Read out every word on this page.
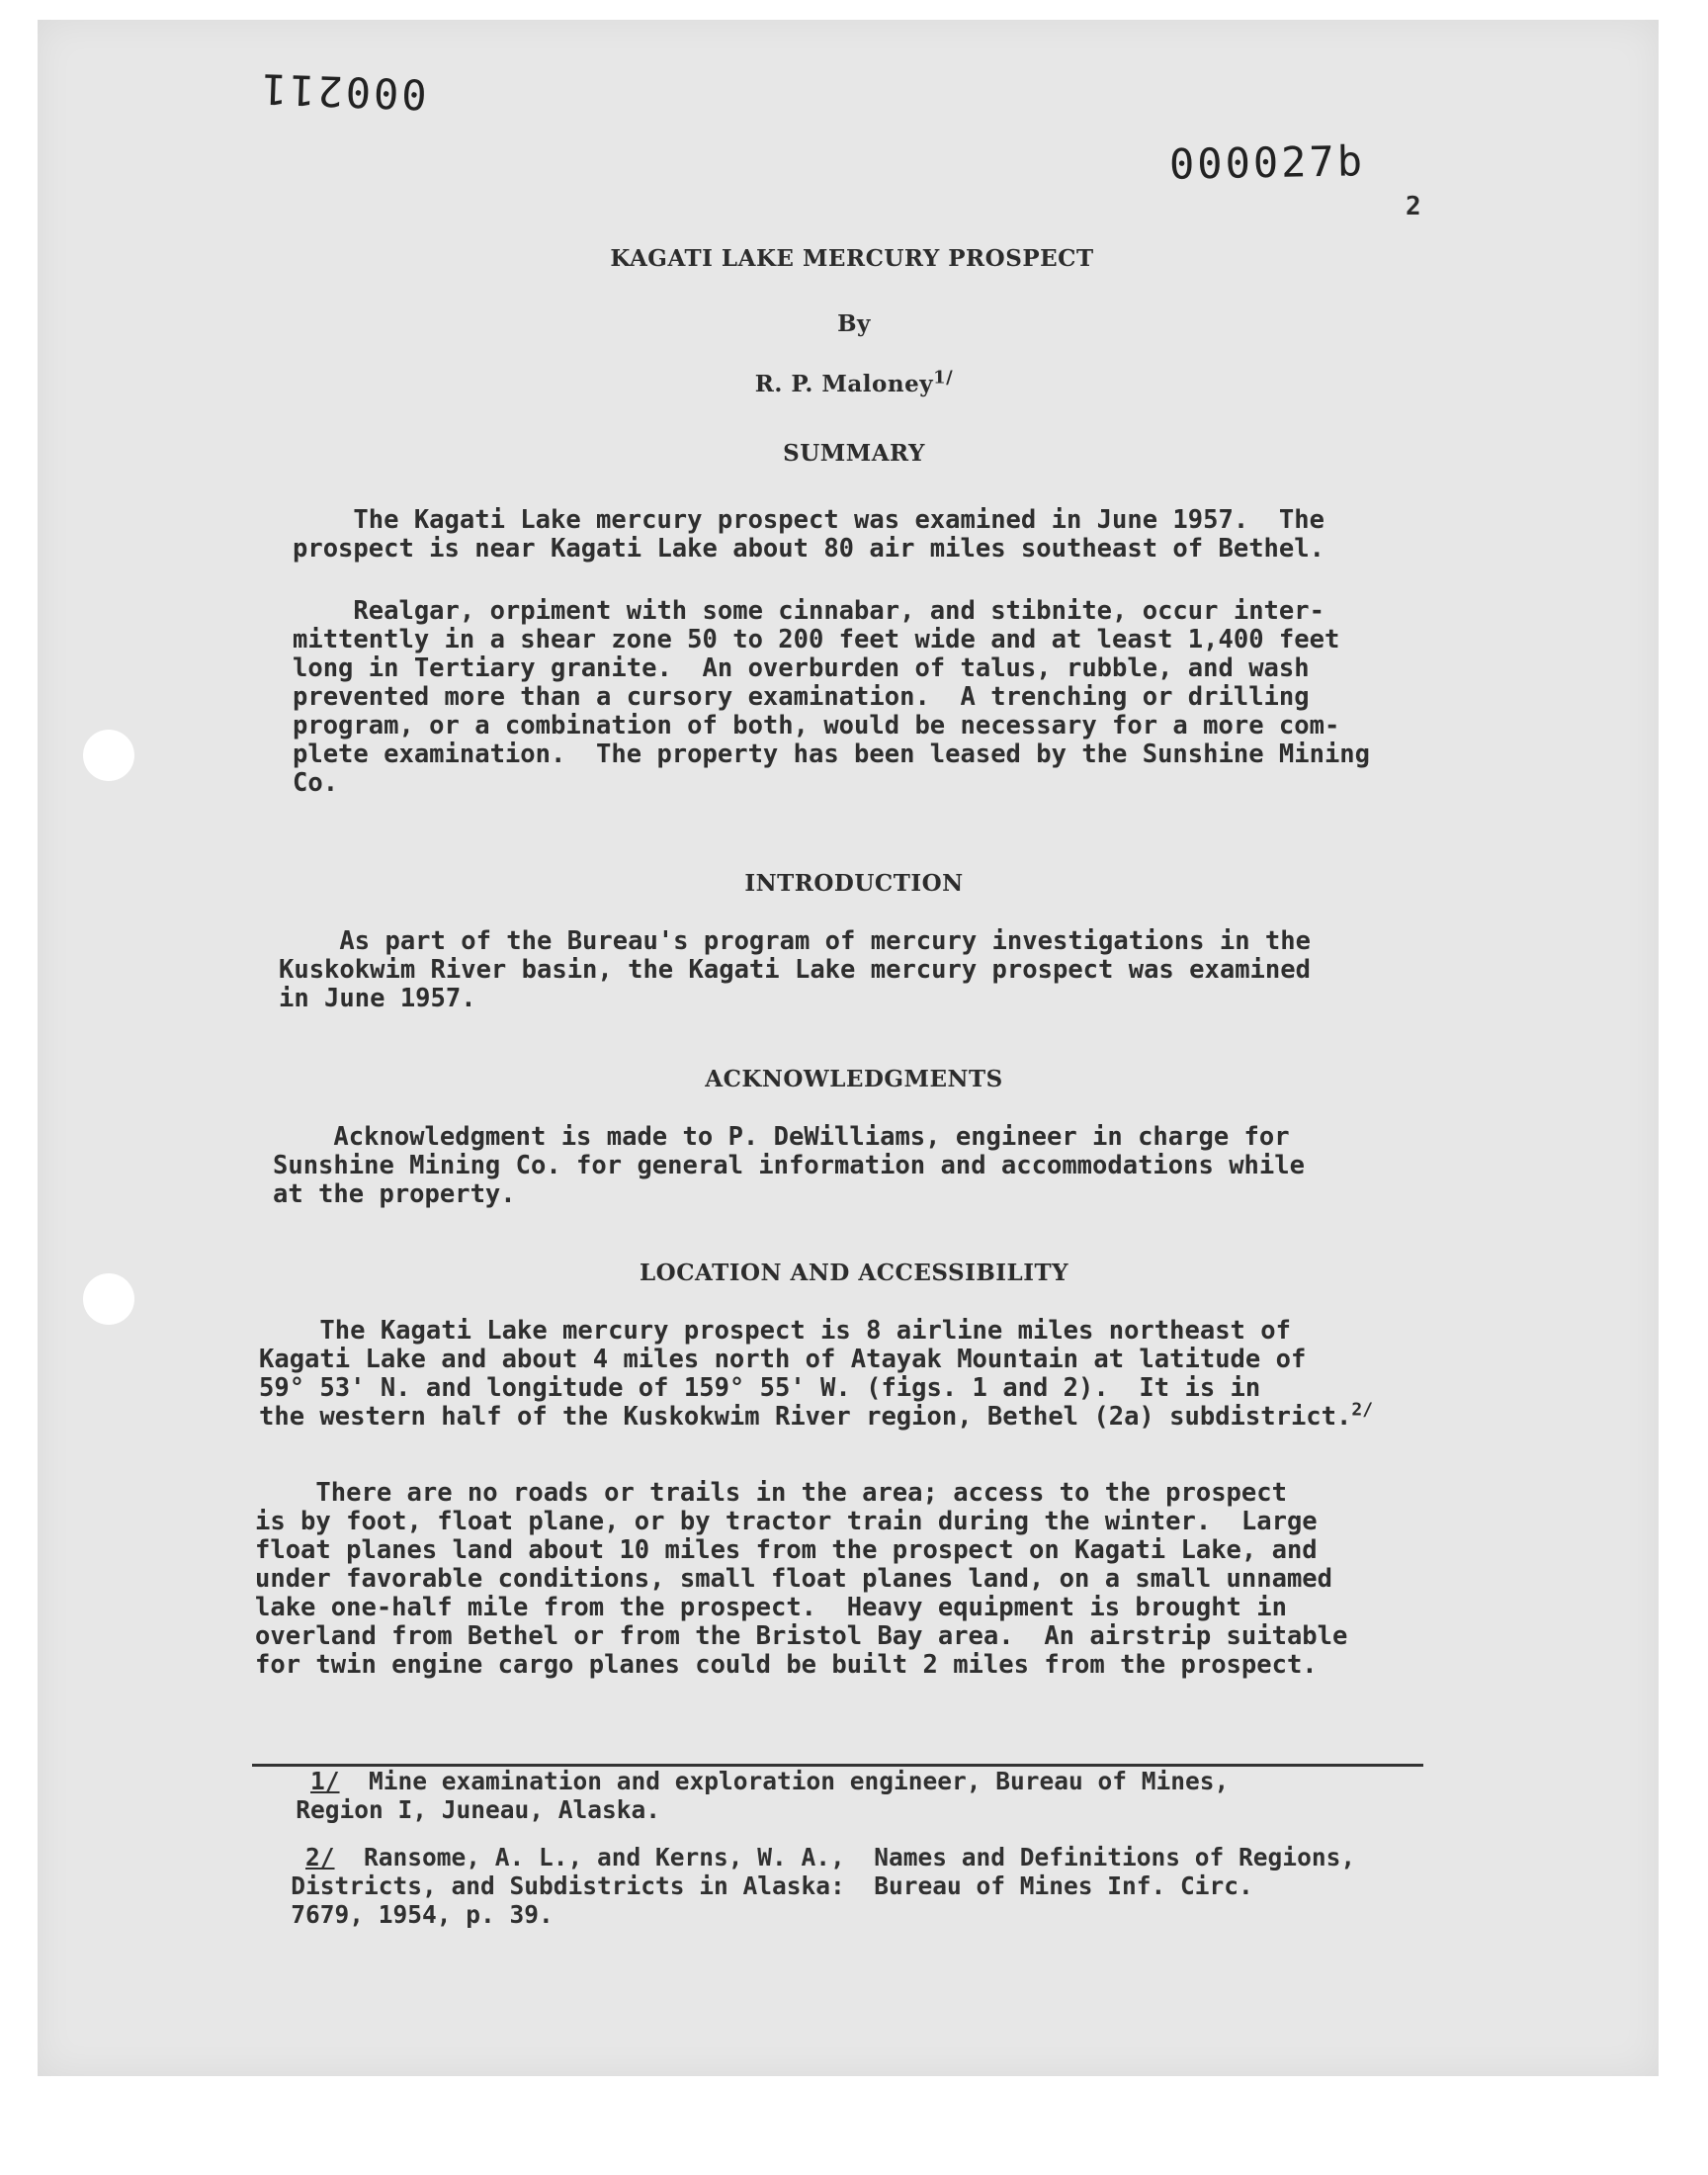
000211
000027b
2
KAGATI LAKE MERCURY PROSPECT
By
R. P. Maloney$^{1/}$
SUMMARY
The Kagati Lake mercury prospect was examined in June 1957.  The
prospect is near Kagati Lake about 80 air miles southeast of Bethel.
Realgar, orpiment with some cinnabar, and stibnite, occur inter-
mittently in a shear zone 50 to 200 feet wide and at least 1,400 feet
long in Tertiary granite.  An overburden of talus, rubble, and wash
prevented more than a cursory examination.  A trenching or drilling
program, or a combination of both, would be necessary for a more com-
plete examination.  The property has been leased by the Sunshine Mining
Co.
INTRODUCTION
As part of the Bureau's program of mercury investigations in the
Kuskokwim River basin, the Kagati Lake mercury prospect was examined
in June 1957.
ACKNOWLEDGMENTS
Acknowledgment is made to P. DeWilliams, engineer in charge for
Sunshine Mining Co. for general information and accommodations while
at the property.
LOCATION AND ACCESSIBILITY
The Kagati Lake mercury prospect is 8 airline miles northeast of
Kagati Lake and about 4 miles north of Atayak Mountain at latitude of
59° 53' N. and longitude of 159° 55' W. (figs. 1 and 2).  It is in
the western half of the Kuskokwim River region, Bethel (2a) subdistrict.$^{2/}$
There are no roads or trails in the area; access to the prospect
is by foot, float plane, or by tractor train during the winter.  Large
float planes land about 10 miles from the prospect on Kagati Lake, and
under favorable conditions, small float planes land, on a small unnamed
lake one-half mile from the prospect.  Heavy equipment is brought in
overland from Bethel or from the Bristol Bay area.  An airstrip suitable
for twin engine cargo planes could be built 2 miles from the prospect.

1/ Mine examination and exploration engineer, Bureau of Mines,
Region I, Juneau, Alaska.

2/ Ransome, A. L., and Kerns, W. A.,  Names and Definitions of Regions,
Districts, and Subdistricts in Alaska:  Bureau of Mines Inf. Circ.
7679, 1954, p. 39.
